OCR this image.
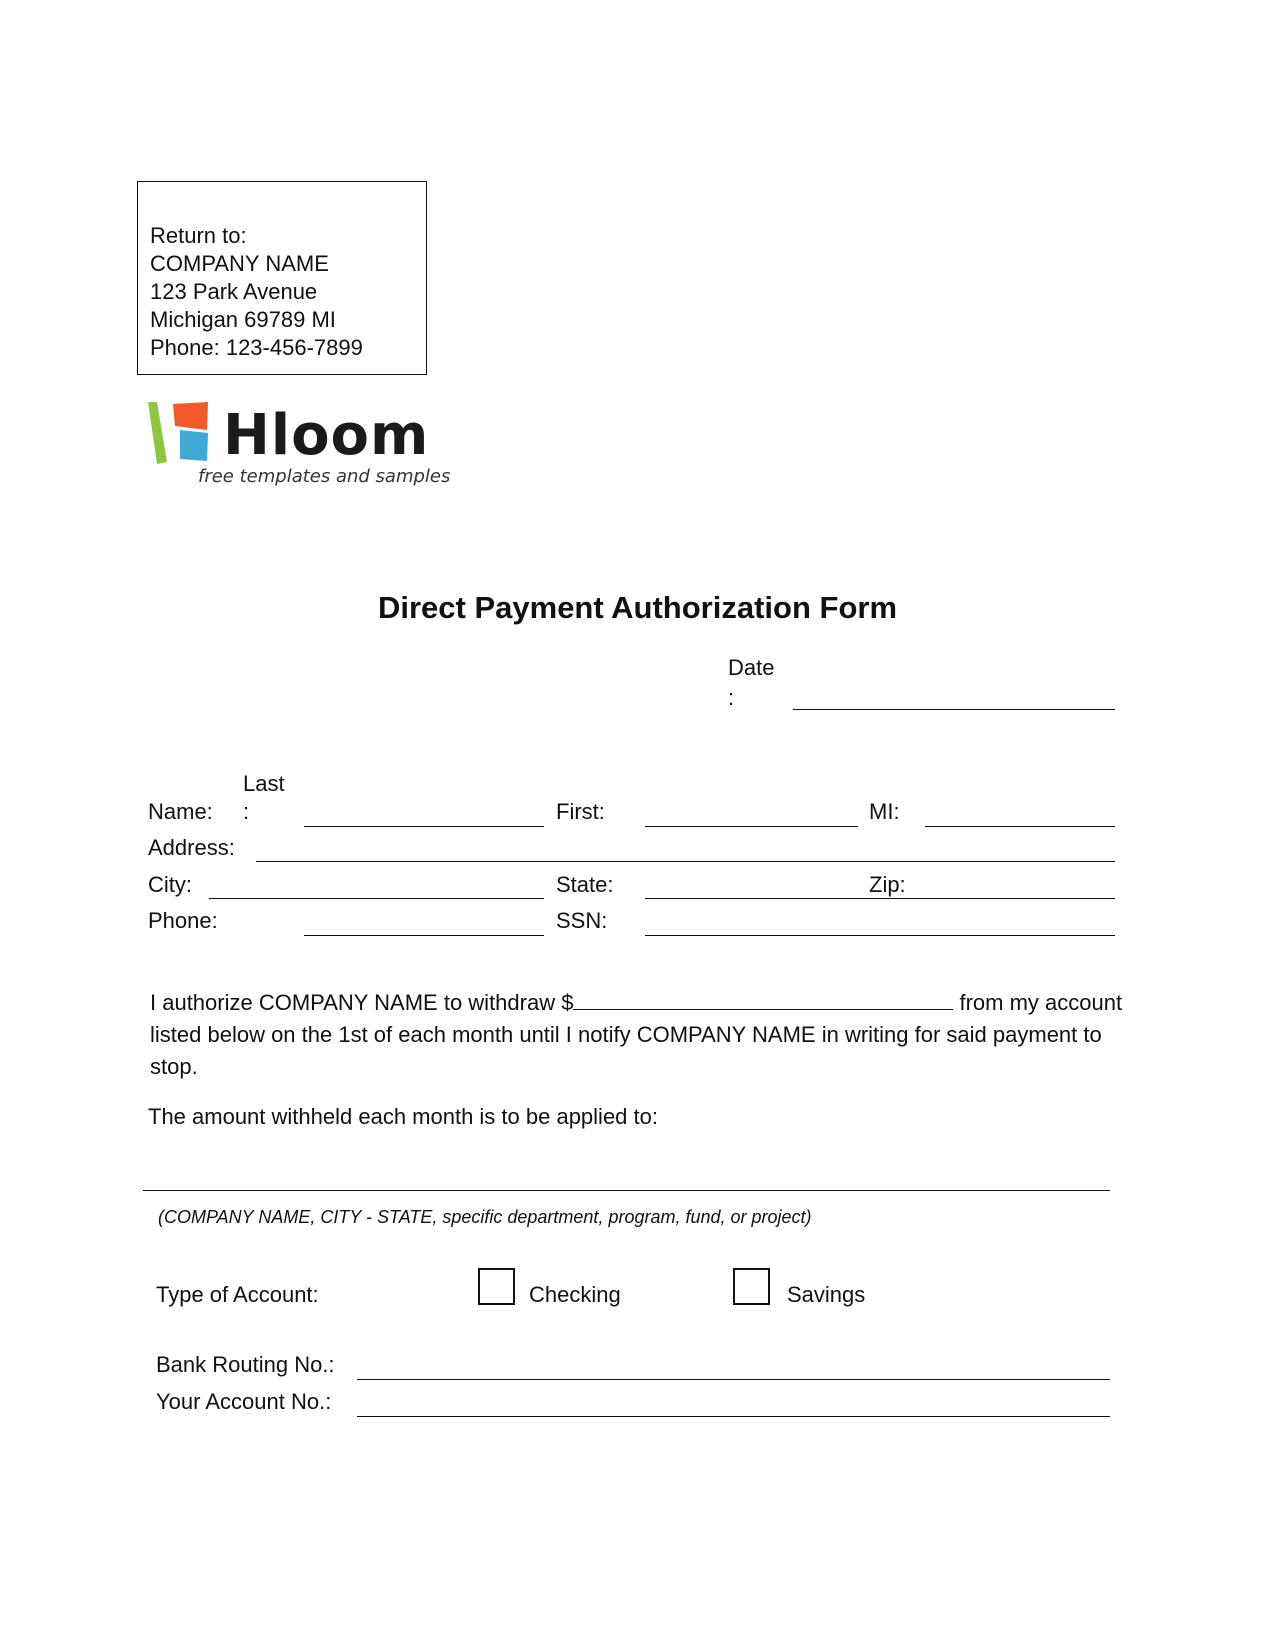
Return to:
COMPANY NAME
123 Park Avenue
Michigan 69789 MI
Phone: 123-456-7899
Hloom
free templates and samples
Direct Payment Authorization Form
Date
:
Last
Name: :	First:	MI:
Address:
City:	State:	Zip:
Phone:	SSN:
I authorize COMPANY NAME to withdraw $	from my account listed below on the 1st of each month until I notify COMPANY NAME in writing for said payment to stop.
The amount withheld each month is to be applied to:
(COMPANY NAME, CITY - STATE, specific department, program, fund, or project)
Type of Account:	Checking	Savings
Bank Routing No.:
Your Account No.:
